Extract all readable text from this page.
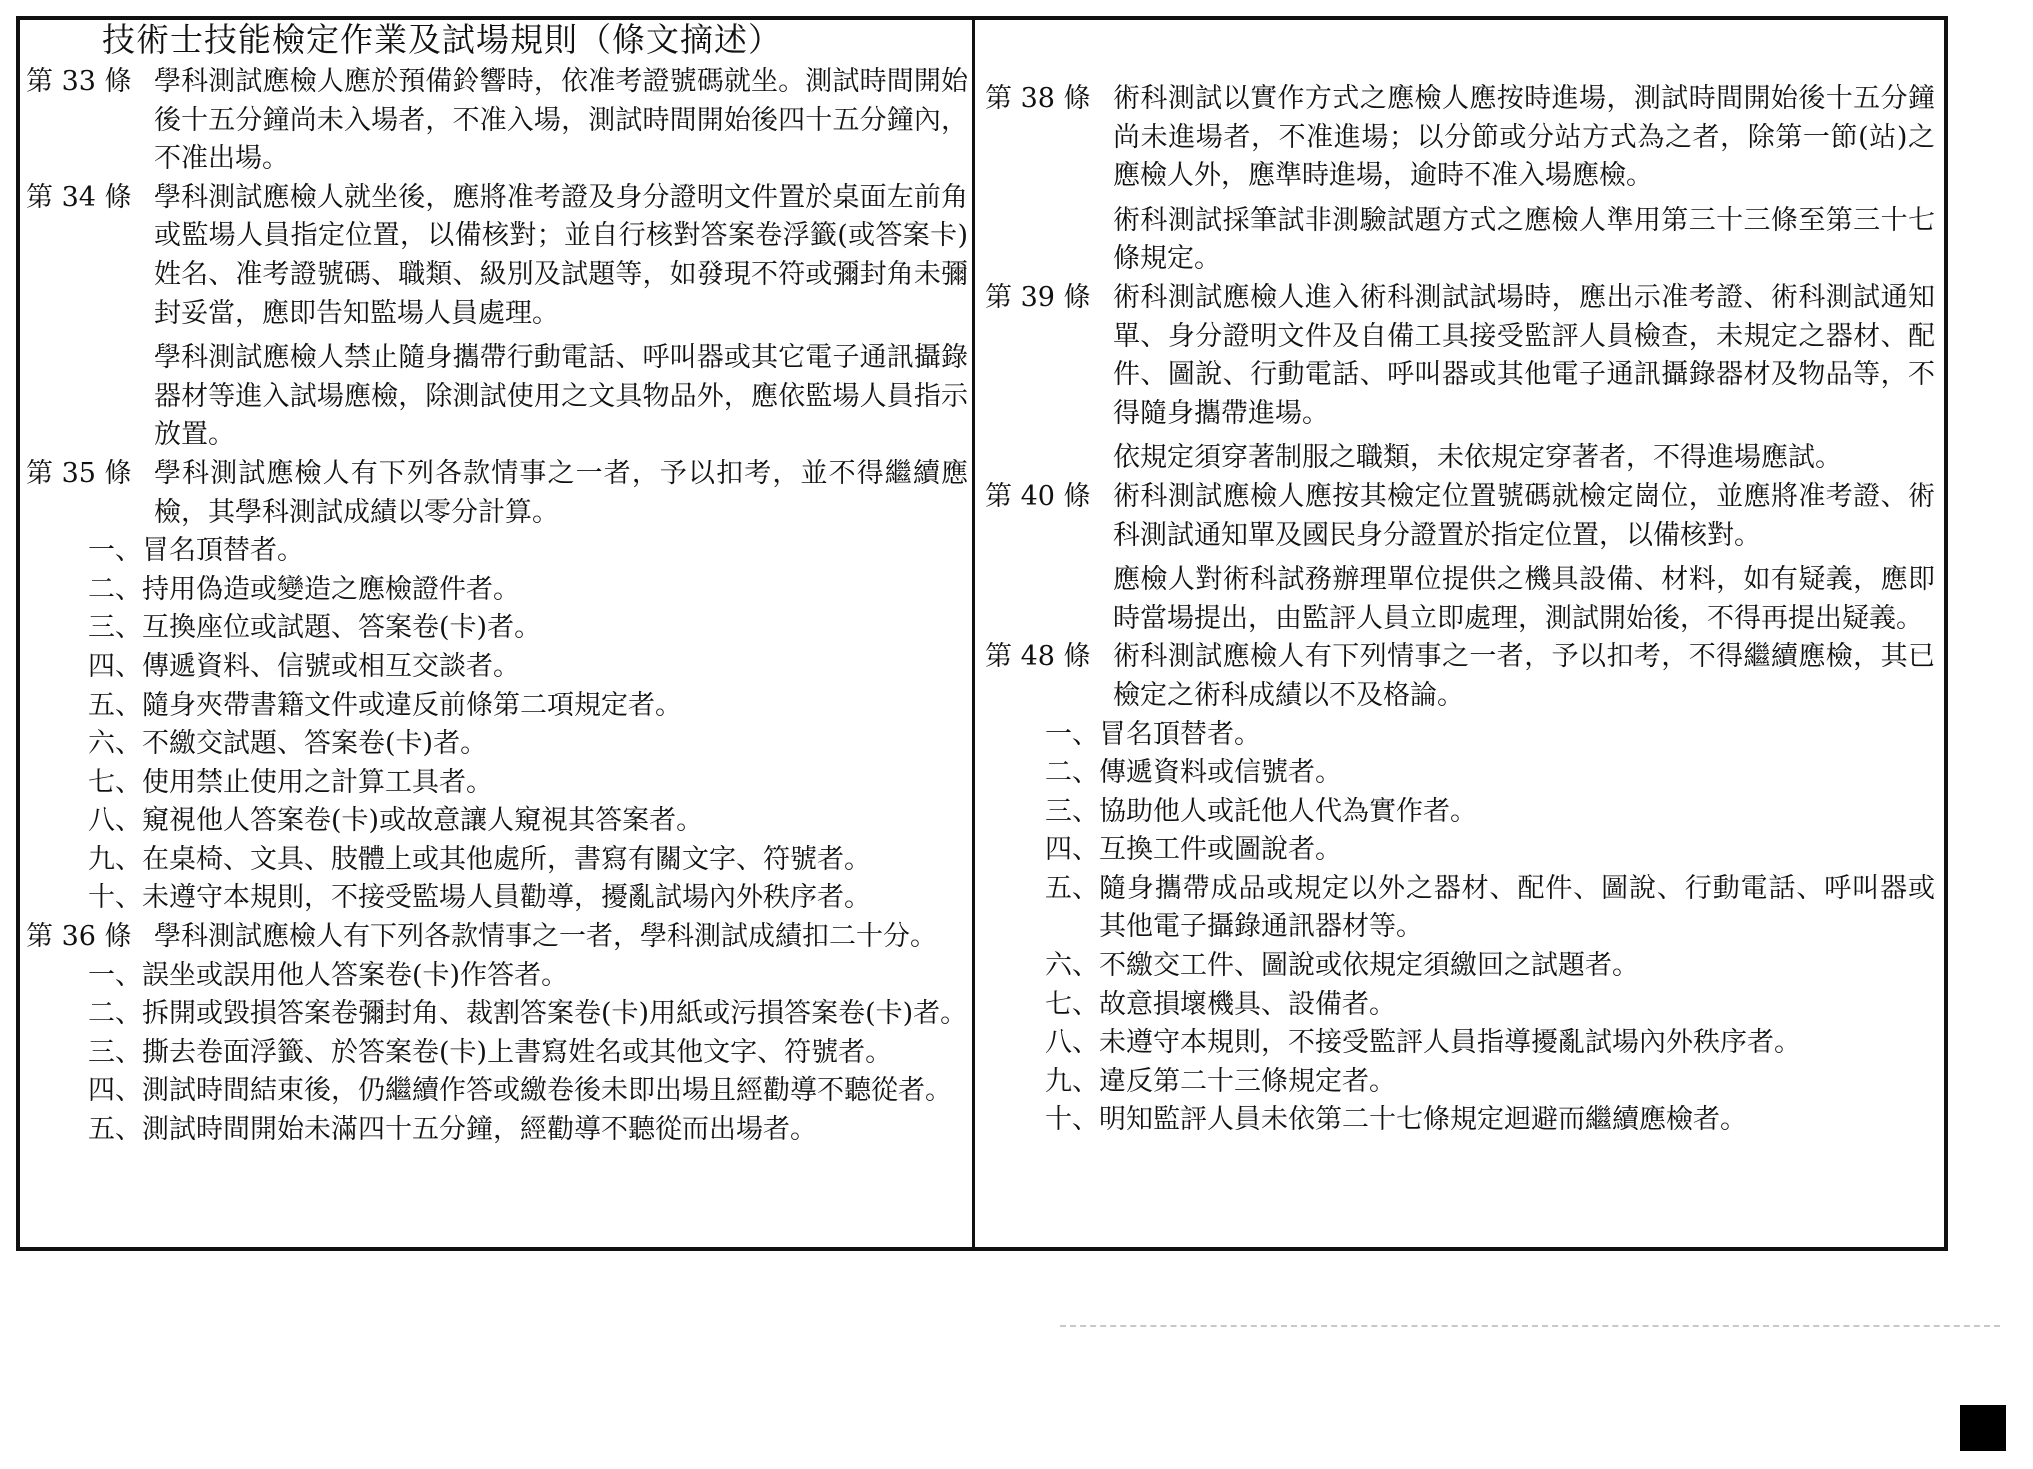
技術士技能檢定作業及試場規則（條文摘述）
第 33 條 學科測試應檢人應於預備鈴響時，依准考證號碼就坐。測試時間開始後十五分鐘尚未入場者，不准入場，測試時間開始後四十五分鐘內，不准出場。

第 34 條 學科測試應檢人就坐後，應將准考證及身分證明文件置於桌面左前角或監場人員指定位置，以備核對；並自行核對答案卷浮籤(或答案卡)姓名、准考證號碼、職類、級別及試題等，如發現不符或彌封角未彌封妥當，應即告知監場人員處理。

學科測試應檢人禁止隨身攜帶行動電話、呼叫器或其它電子通訊攝錄器材等進入試場應檢，除測試使用之文具物品外，應依監場人員指示放置。

第 35 條 學科測試應檢人有下列各款情事之一者，予以扣考，並不得繼續應檢，其學科測試成績以零分計算。

一、 冒名頂替者。
二、 持用偽造或變造之應檢證件者。
三、 互換座位或試題、答案卷(卡)者。
四、 傳遞資料、信號或相互交談者。
五、 隨身夾帶書籍文件或違反前條第二項規定者。
六、 不繳交試題、答案卷(卡)者。
七、 使用禁止使用之計算工具者。
八、 窺視他人答案卷(卡)或故意讓人窺視其答案者。
九、 在桌椅、文具、肢體上或其他處所，書寫有關文字、符號者。
十、 未遵守本規則，不接受監場人員勸導，擾亂試場內外秩序者。
第 36 條 學科測試應檢人有下列各款情事之一者，學科測試成績扣二十分。

一、 誤坐或誤用他人答案卷(卡)作答者。
二、 拆開或毀損答案卷彌封角、裁割答案卷(卡)用紙或污損答案卷(卡)者。
三、 撕去卷面浮籤、於答案卷(卡)上書寫姓名或其他文字、符號者。
四、 測試時間結束後，仍繼續作答或繳卷後未即出場且經勸導不聽從者。
五、 測試時間開始未滿四十五分鐘，經勸導不聽從而出場者。
第 38 條 術科測試以實作方式之應檢人應按時進場，測試時間開始後十五分鐘尚未進場者，不准進場；以分節或分站方式為之者，除第一節(站)之應檢人外，應準時進場，逾時不准入場應檢。

術科測試採筆試非測驗試題方式之應檢人準用第三十三條至第三十七條規定。

第 39 條 術科測試應檢人進入術科測試試場時，應出示准考證、術科測試通知單、身分證明文件及自備工具接受監評人員檢查，未規定之器材、配件、圖說、行動電話、呼叫器或其他電子通訊攝錄器材及物品等，不得隨身攜帶進場。

依規定須穿著制服之職類，未依規定穿著者，不得進場應試。

第 40 條 術科測試應檢人應按其檢定位置號碼就檢定崗位，並應將准考證、術科測試通知單及國民身分證置於指定位置，以備核對。

應檢人對術科試務辦理單位提供之機具設備、材料，如有疑義，應即時當場提出，由監評人員立即處理，測試開始後，不得再提出疑義。

第 48 條 術科測試應檢人有下列情事之一者，予以扣考，不得繼續應檢，其已檢定之術科成績以不及格論。

一、 冒名頂替者。
二、 傳遞資料或信號者。
三、 協助他人或託他人代為實作者。
四、 互換工件或圖說者。
五、 隨身攜帶成品或規定以外之器材、配件、圖說、行動電話、呼叫器或其他電子攝錄通訊器材等。
六、 不繳交工件、圖說或依規定須繳回之試題者。
七、 故意損壞機具、設備者。
八、 未遵守本規則，不接受監評人員指導擾亂試場內外秩序者。
九、 違反第二十三條規定者。
十、 明知監評人員未依第二十七條規定迴避而繼續應檢者。
